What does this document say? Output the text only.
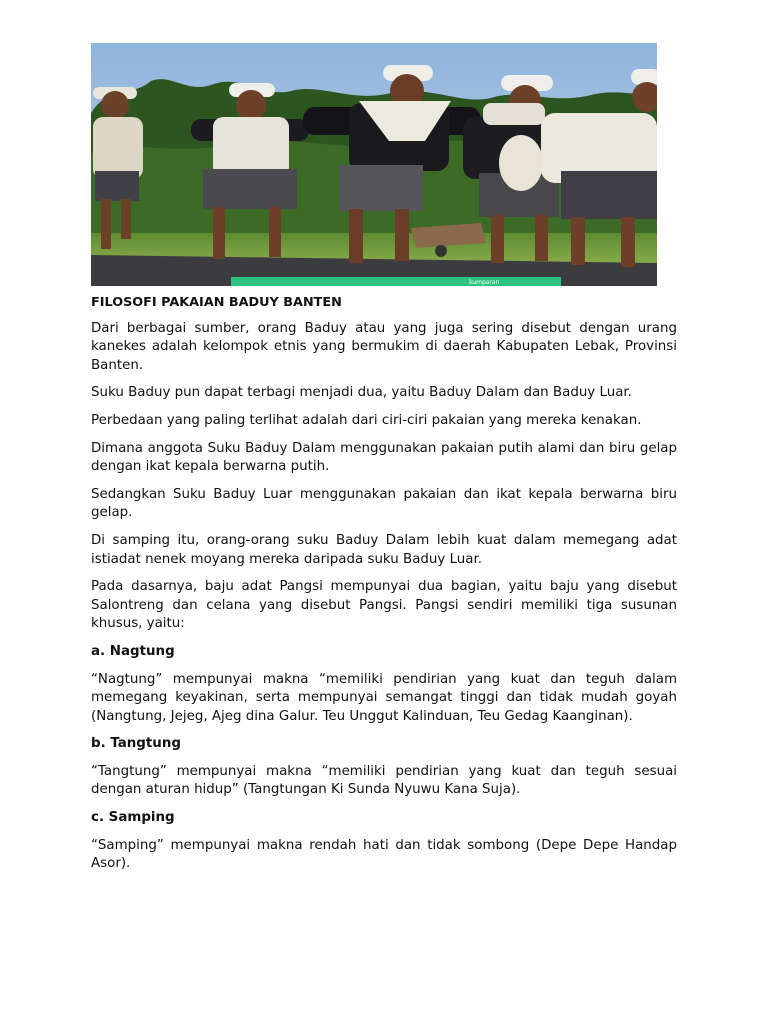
kumparan

FILOSOFI PAKAIAN BADUY BANTEN

Dari berbagai sumber, orang Baduy atau yang juga sering disebut dengan urang kanekes adalah kelompok etnis yang bermukim di daerah Kabupaten Lebak, Provinsi Banten.

Suku Baduy pun dapat terbagi menjadi dua, yaitu Baduy Dalam dan Baduy Luar.

Perbedaan yang paling terlihat adalah dari ciri-ciri pakaian yang mereka kenakan.

Dimana anggota Suku Baduy Dalam menggunakan pakaian putih alami dan biru gelap dengan ikat kepala berwarna putih.

Sedangkan Suku Baduy Luar menggunakan pakaian dan ikat kepala berwarna biru gelap.

Di samping itu, orang-orang suku Baduy Dalam lebih kuat dalam memegang adat istiadat nenek moyang mereka daripada suku Baduy Luar.

Pada dasarnya, baju adat Pangsi mempunyai dua bagian, yaitu baju yang disebut Salontreng dan celana yang disebut Pangsi. Pangsi sendiri memiliki tiga susunan khusus, yaitu:

a. Nagtung

“Nagtung” mempunyai makna “memiliki pendirian yang kuat dan teguh dalam memegang keyakinan, serta mempunyai semangat tinggi dan tidak mudah goyah (Nangtung, Jejeg, Ajeg dina Galur. Teu Unggut Kalinduan, Teu Gedag Kaanginan).

b. Tangtung

“Tangtung” mempunyai makna “memiliki pendirian yang kuat dan teguh sesuai dengan aturan hidup” (Tangtungan Ki Sunda Nyuwu Kana Suja).

c. Samping

“Samping” mempunyai makna rendah hati dan tidak sombong (Depe Depe Handap Asor).
